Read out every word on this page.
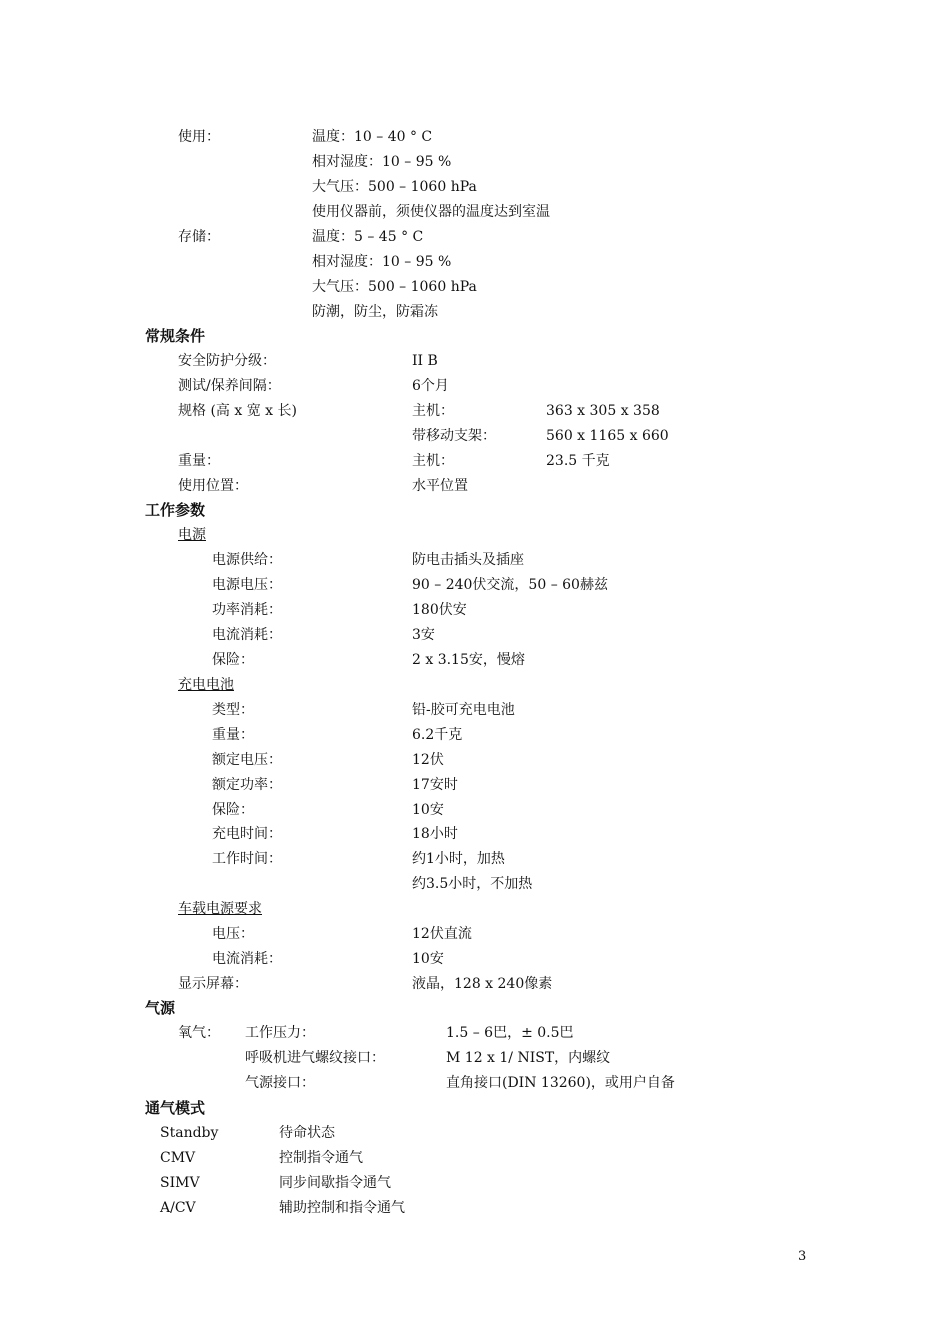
使用：	温度：10 – 40 ° C
相对湿度：10 – 95 %
大气压：500 – 1060 hPa
使用仪器前，须使仪器的温度达到室温
存储：	温度：5 – 45 ° C
相对湿度：10 – 95 %
大气压：500 – 1060 hPa
防潮，防尘，防霜冻
常规条件
安全防护分级：	II B
测试/保养间隔：	6个月
规格 (高 x 宽 x 长)	主机：	363 x 305 x 358
带移动支架：	560 x 1165 x 660
重量：	主机：	23.5 千克
使用位置：	水平位置
工作参数
电源
电源供给：	防电击插头及插座
电源电压：	90 – 240伏交流，50 – 60赫兹
功率消耗：	180伏安
电流消耗：	3安
保险：	2 x 3.15安，慢熔
充电电池
类型：	铅-胶可充电电池
重量：	6.2千克
额定电压：	12伏
额定功率：	17安时
保险：	10安
充电时间：	18小时
工作时间：	约1小时，加热
约3.5小时，不加热
车载电源要求
电压：	12伏直流
电流消耗：	10安
显示屏幕：	液晶，128 x 240像素
气源
氧气： 工作压力：	1.5 – 6巴，± 0.5巴
呼吸机进气螺纹接口：	M 12 x 1/ NIST，内螺纹
气源接口：	直角接口(DIN 13260)，或用户自备
通气模式
Standby	待命状态
CMV	控制指令通气
SIMV	同步间歇指令通气
A/CV	辅助控制和指令通气
3
